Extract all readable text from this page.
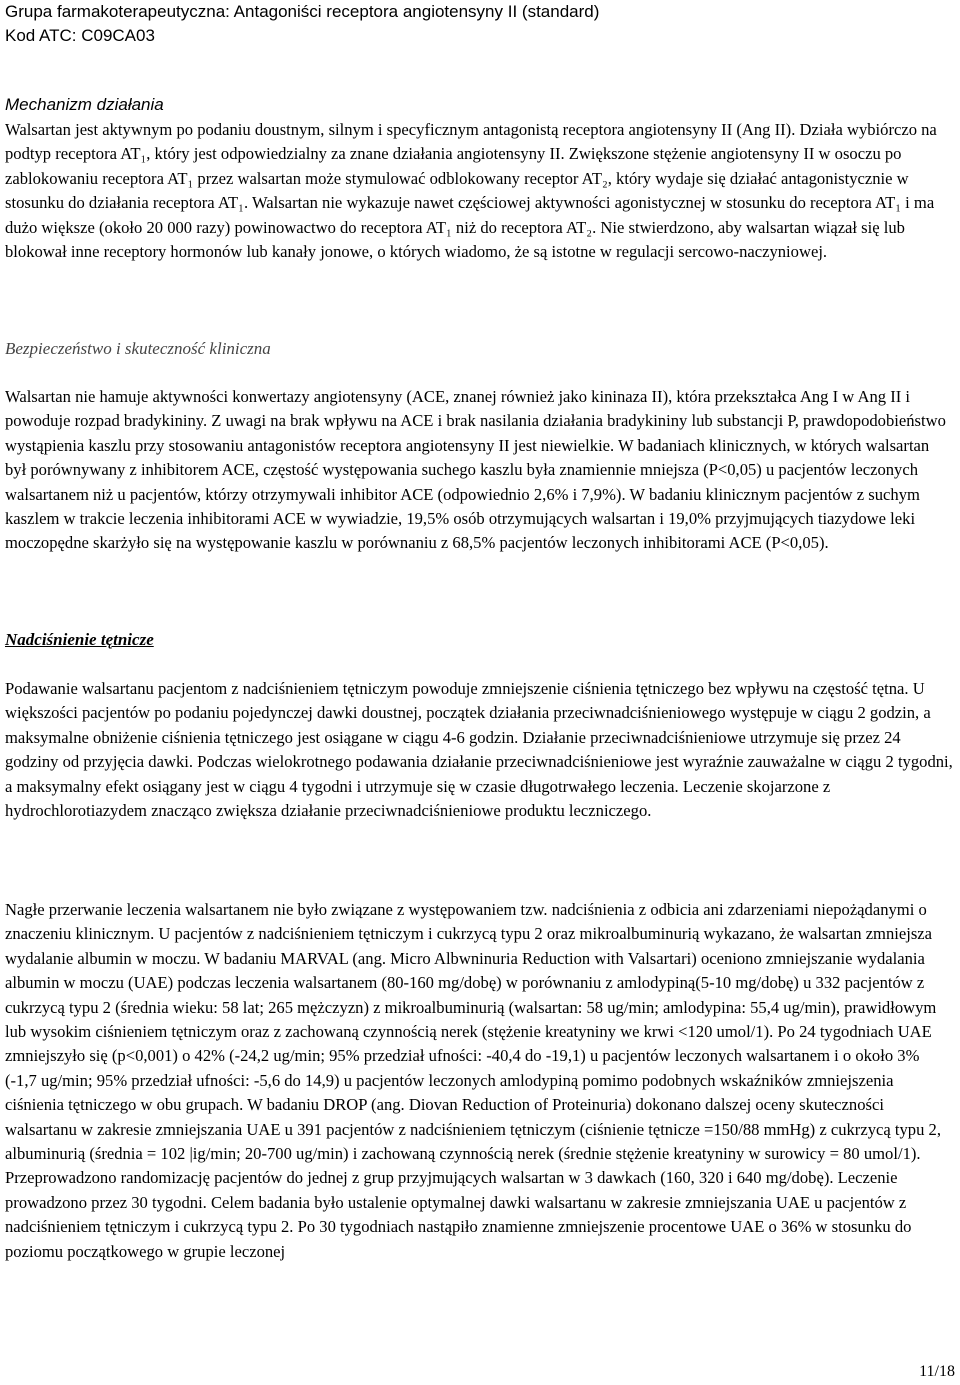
Grupa farmakoterapeutyczna: Antagoniści receptora angiotensyny II (standard)

Kod ATC: C09CA03

Mechanizm działania

Walsartan jest aktywnym po podaniu doustnym, silnym i specyficznym antagonistą receptora angiotensyny II (Ang II). Działa wybiórczo na podtyp receptora AT₁, który jest odpowiedzialny za znane działania angiotensyny II. Zwiększone stężenie angiotensyny II w osoczu po zablokowaniu receptora AT₁ przez walsartan może stymulować odblokowany receptor AT₂, który wydaje się działać antagonistycznie w stosunku do działania receptora AT₁. Walsartan nie wykazuje nawet częściowej aktywności agonistycznej w stosunku do receptora AT₁ i ma dużo większe (około 20 000 razy) powinowactwo do receptora AT₁ niż do receptora AT₂. Nie stwierdzono, aby walsartan wiązał się lub blokował inne receptory hormonów lub kanały jonowe, o których wiadomo, że są istotne w regulacji sercowo-naczyniowej.

Bezpieczeństwo i skuteczność kliniczna

Walsartan nie hamuje aktywności konwertazy angiotensyny (ACE, znanej również jako kininaza II), która przekształca Ang I w Ang II i powoduje rozpad bradykininy. Z uwagi na brak wpływu na ACE i brak nasilania działania bradykininy lub substancji P, prawdopodobieństwo wystąpienia kaszlu przy stosowaniu antagonistów receptora angiotensyny II jest niewielkie. W badaniach klinicznych, w których walsartan był porównywany z inhibitorem ACE, częstość występowania suchego kaszlu była znamiennie mniejsza (P<0,05) u pacjentów leczonych walsartanem niż u pacjentów, którzy otrzymywali inhibitor ACE (odpowiednio 2,6% i 7,9%). W badaniu klinicznym pacjentów z suchym kaszlem w trakcie leczenia inhibitorami ACE w wywiadzie, 19,5% osób otrzymujących walsartan i 19,0% przyjmujących tiazydowe leki moczopędne skarżyło się na występowanie kaszlu w porównaniu z 68,5% pacjentów leczonych inhibitorami ACE (P<0,05).

Nadciśnienie tętnicze

Podawanie walsartanu pacjentom z nadciśnieniem tętniczym powoduje zmniejszenie ciśnienia tętniczego bez wpływu na częstość tętna. U większości pacjentów po podaniu pojedynczej dawki doustnej, początek działania przeciwnadciśnieniowego występuje w ciągu 2 godzin, a maksymalne obniżenie ciśnienia tętniczego jest osiągane w ciągu 4-6 godzin. Działanie przeciwnadciśnieniowe utrzymuje się przez 24 godziny od przyjęcia dawki. Podczas wielokrotnego podawania działanie przeciwnadciśnieniowe jest wyraźnie zauważalne w ciągu 2 tygodni, a maksymalny efekt osiągany jest w ciągu 4 tygodni i utrzymuje się w czasie długotrwałego leczenia. Leczenie skojarzone z hydrochlorotiazydem znacząco zwiększa działanie przeciwnadciśnieniowe produktu leczniczego.

Nagłe przerwanie leczenia walsartanem nie było związane z występowaniem tzw. nadciśnienia z odbicia ani zdarzeniami niepożądanymi o znaczeniu klinicznym. U pacjentów z nadciśnieniem tętniczym i cukrzycą typu 2 oraz mikroalbuminurią wykazano, że walsartan zmniejsza wydalanie albumin w moczu. W badaniu MARVAL (ang. Micro Albwninuria Reduction with Valsartari) oceniono zmniejszanie wydalania albumin w moczu (UAE) podczas leczenia walsartanem (80-160 mg/dobę) w porównaniu z amlodypiną(5-10 mg/dobę) u 332 pacjentów z cukrzycą typu 2 (średnia wieku: 58 lat; 265 mężczyzn) z mikroalbuminurią (walsartan: 58 ug/min; amlodypina: 55,4 ug/min), prawidłowym lub wysokim ciśnieniem tętniczym oraz z zachowaną czynnością nerek (stężenie kreatyniny we krwi <120 umol/1). Po 24 tygodniach UAE zmniejszyło się (p<0,001) o 42% (-24,2 ug/min; 95% przedział ufności: -40,4 do -19,1) u pacjentów leczonych walsartanem i o około 3% (-1,7 ug/min; 95% przedział ufności: -5,6 do 14,9) u pacjentów leczonych amlodypiną pomimo podobnych wskaźników zmniejszenia ciśnienia tętniczego w obu grupach. W badaniu DROP (ang. Diovan Reduction of Proteinuria) dokonano dalszej oceny skuteczności walsartanu w zakresie zmniejszania UAE u 391 pacjentów z nadciśnieniem tętniczym (ciśnienie tętnicze =150/88 mmHg) z cukrzycą typu 2, albuminurią (średnia = 102 |ig/min; 20-700 ug/min) i zachowaną czynnością nerek (średnie stężenie kreatyniny w surowicy = 80 umol/1). Przeprowadzono randomizację pacjentów do jednej z grup przyjmujących walsartan w 3 dawkach (160, 320 i 640 mg/dobę). Leczenie prowadzono przez 30 tygodni. Celem badania było ustalenie optymalnej dawki walsartanu w zakresie zmniejszania UAE u pacjentów z nadciśnieniem tętniczym i cukrzycą typu 2. Po 30 tygodniach nastąpiło znamienne zmniejszenie procentowe UAE o 36% w stosunku do poziomu początkowego w grupie leczonej

11/18
